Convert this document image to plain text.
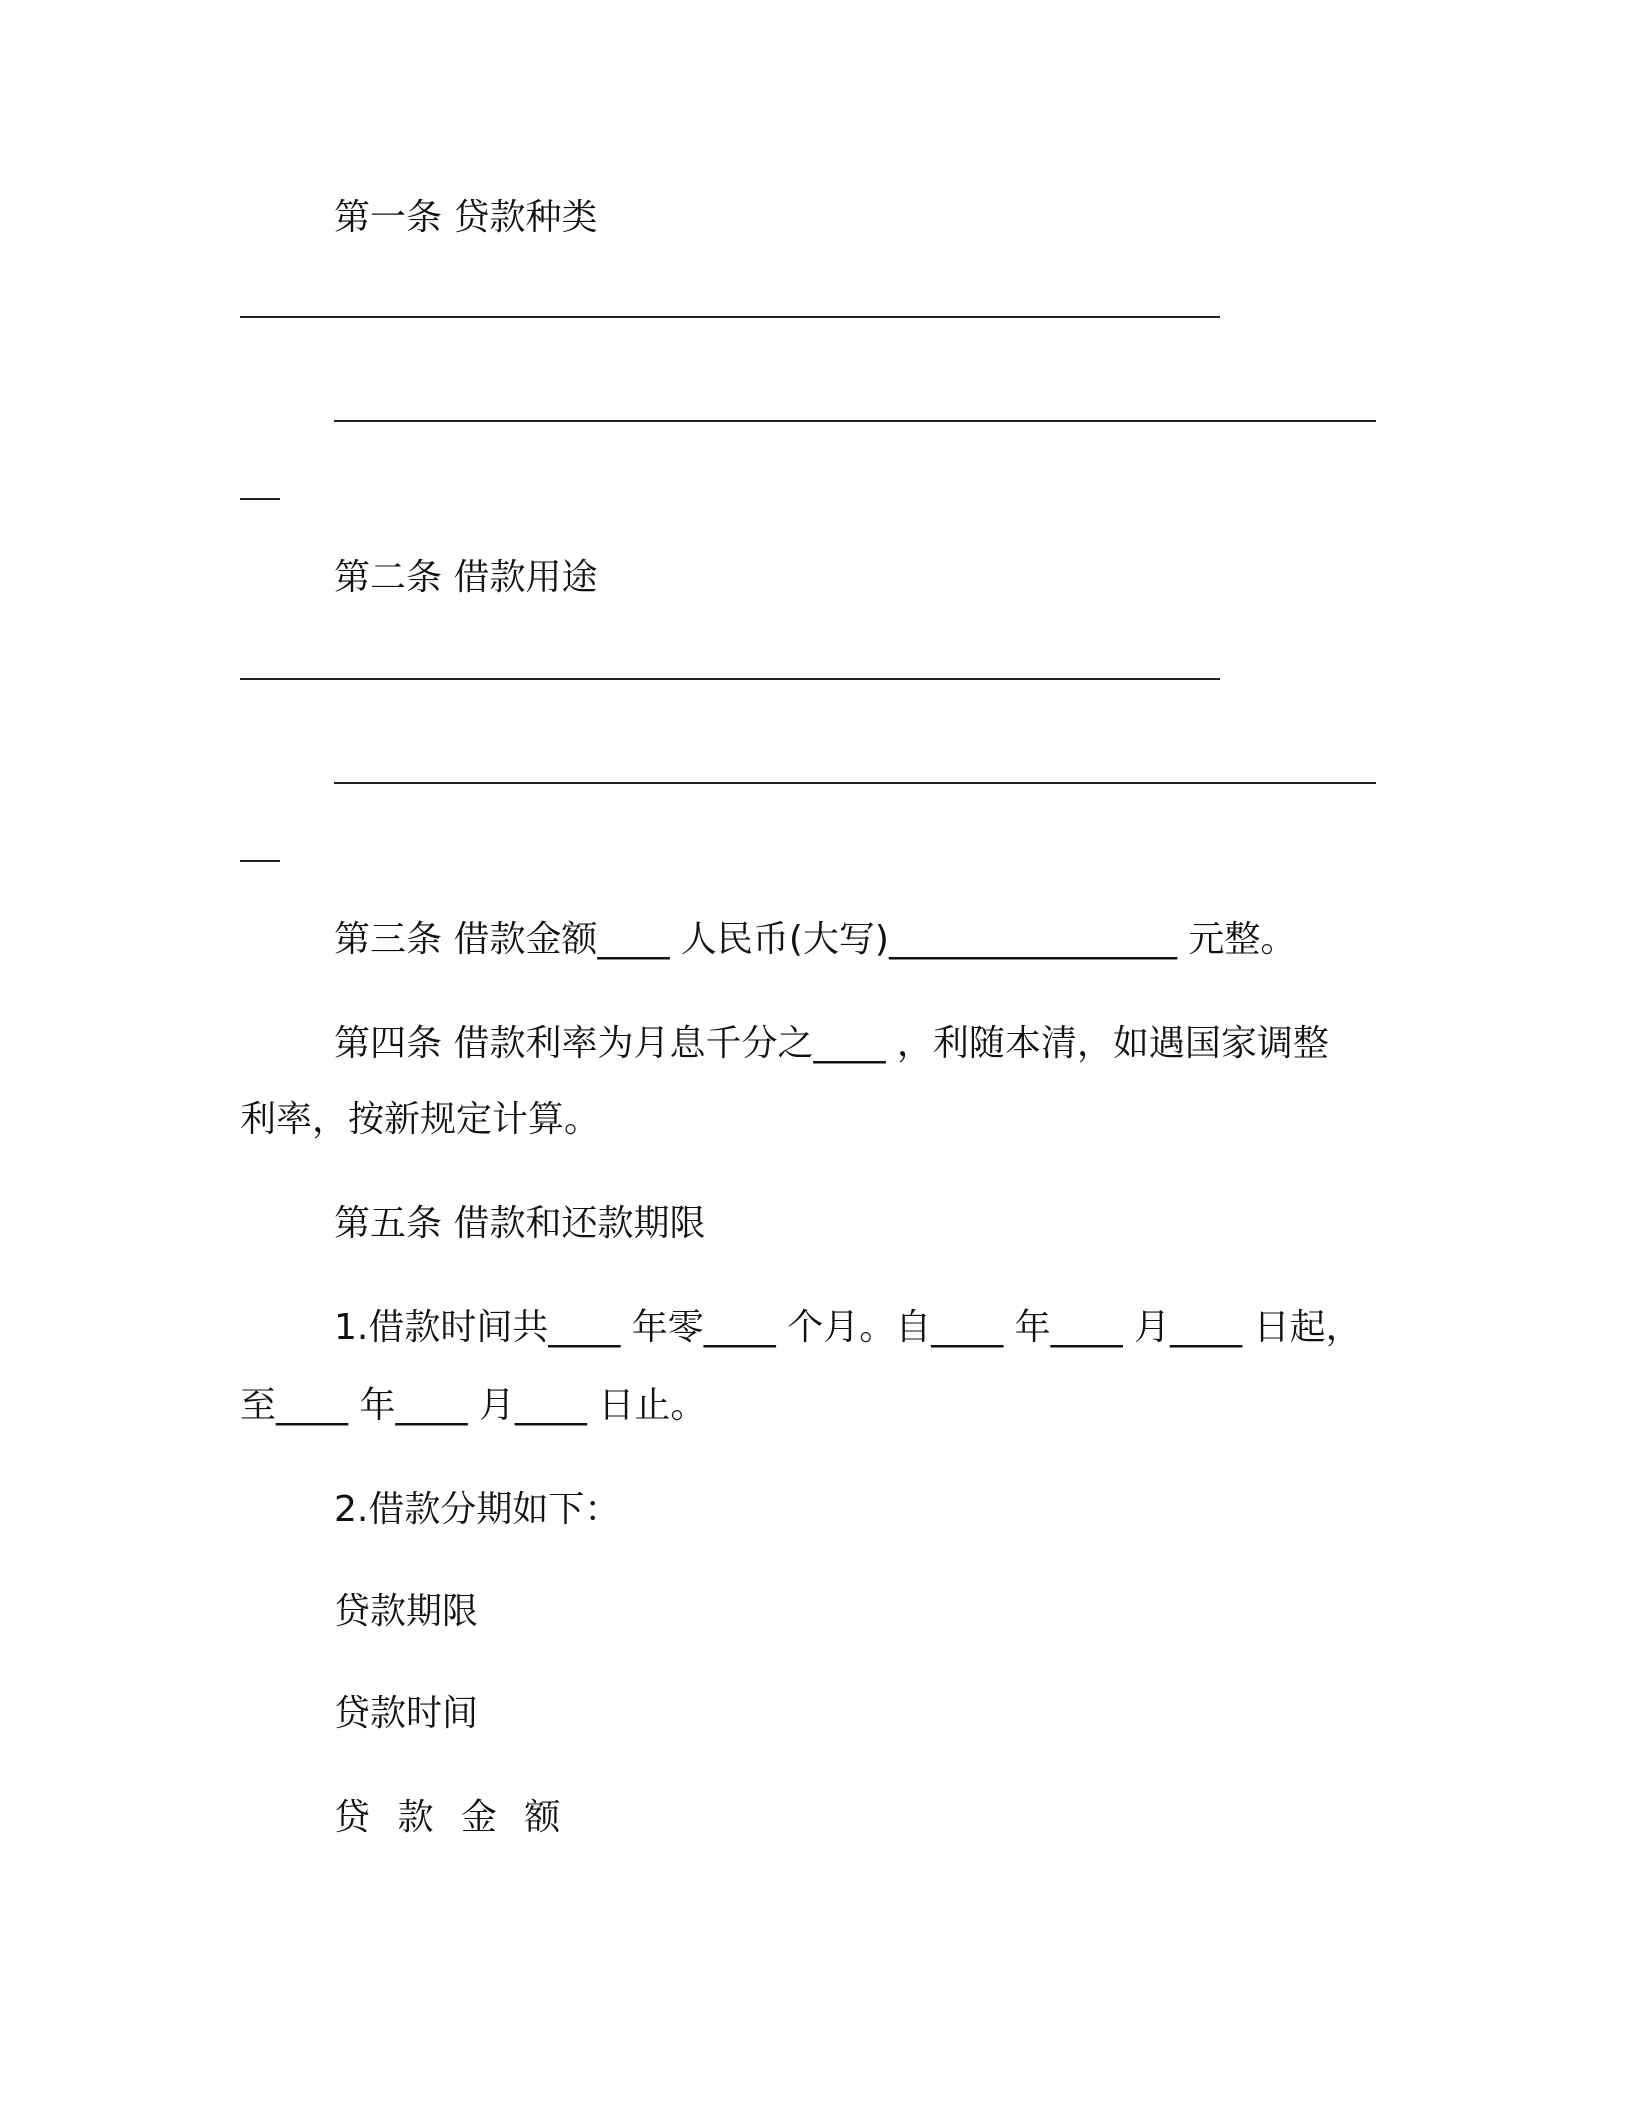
第一条 贷款种类
第二条 借款用途
第三条 借款金额____ 人民币(大写)________________ 元整。
第四条 借款利率为月息千分之____ ，利随本清，如遇国家调整
利率，按新规定计算。
第五条 借款和还款期限
1.借款时间共____ 年零____ 个月。自____ 年____ 月____ 日起，
至____ 年____ 月____ 日止。
2.借款分期如下：
贷款期限
贷款时间
贷 款 金 额
